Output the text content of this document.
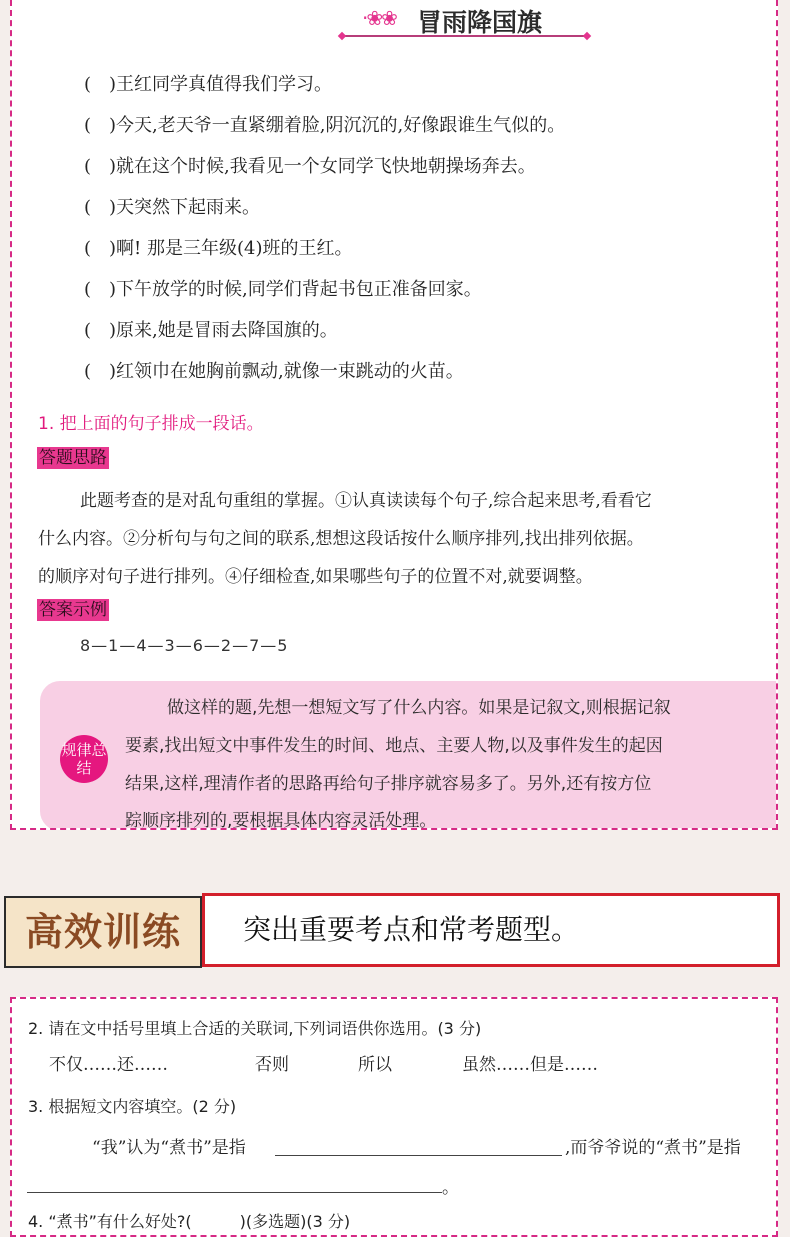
·❀❀ 冒雨降国旗
(　)王红同学真值得我们学习。
(　)今天,老天爷一直紧绷着脸,阴沉沉的,好像跟谁生气似的。
(　)就在这个时候,我看见一个女同学飞快地朝操场奔去。
(　)天突然下起雨来。
(　)啊! 那是三年级(4)班的王红。
(　)下午放学的时候,同学们背起书包正准备回家。
(　)原来,她是冒雨去降国旗的。
(　)红领巾在她胸前飘动,就像一束跳动的火苗。
1. 把上面的句子排成一段话。
答题思路
此题考查的是对乱句重组的掌握。①认真读读每个句子,综合起来思考,看看它
什么内容。②分析句与句之间的联系,想想这段话按什么顺序排列,找出排列依据。
的顺序对句子进行排列。④仔细检查,如果哪些句子的位置不对,就要调整。
答案示例
8—1—4—3—6—2—7—5
规律总结
做这样的题,先想一想短文写了什么内容。如果是记叙文,则根据记叙
要素,找出短文中事件发生的时间、地点、主要人物,以及事件发生的起因
结果,这样,理清作者的思路再给句子排序就容易多了。另外,还有按方位
踪顺序排列的,要根据具体内容灵活处理。
高效训练	突出重要考点和常考题型。
2. 请在文中括号里填上合适的关联词,下列词语供你选用。(3 分)
不仅……还……	否则	所以	虽然……但是……
3. 根据短文内容填空。(2 分)
“我”认为“煮书”是指	,而爷爷说的“煮书”是指
。
4. “煮书”有什么好处?(　　　)(多选题)(3 分)
